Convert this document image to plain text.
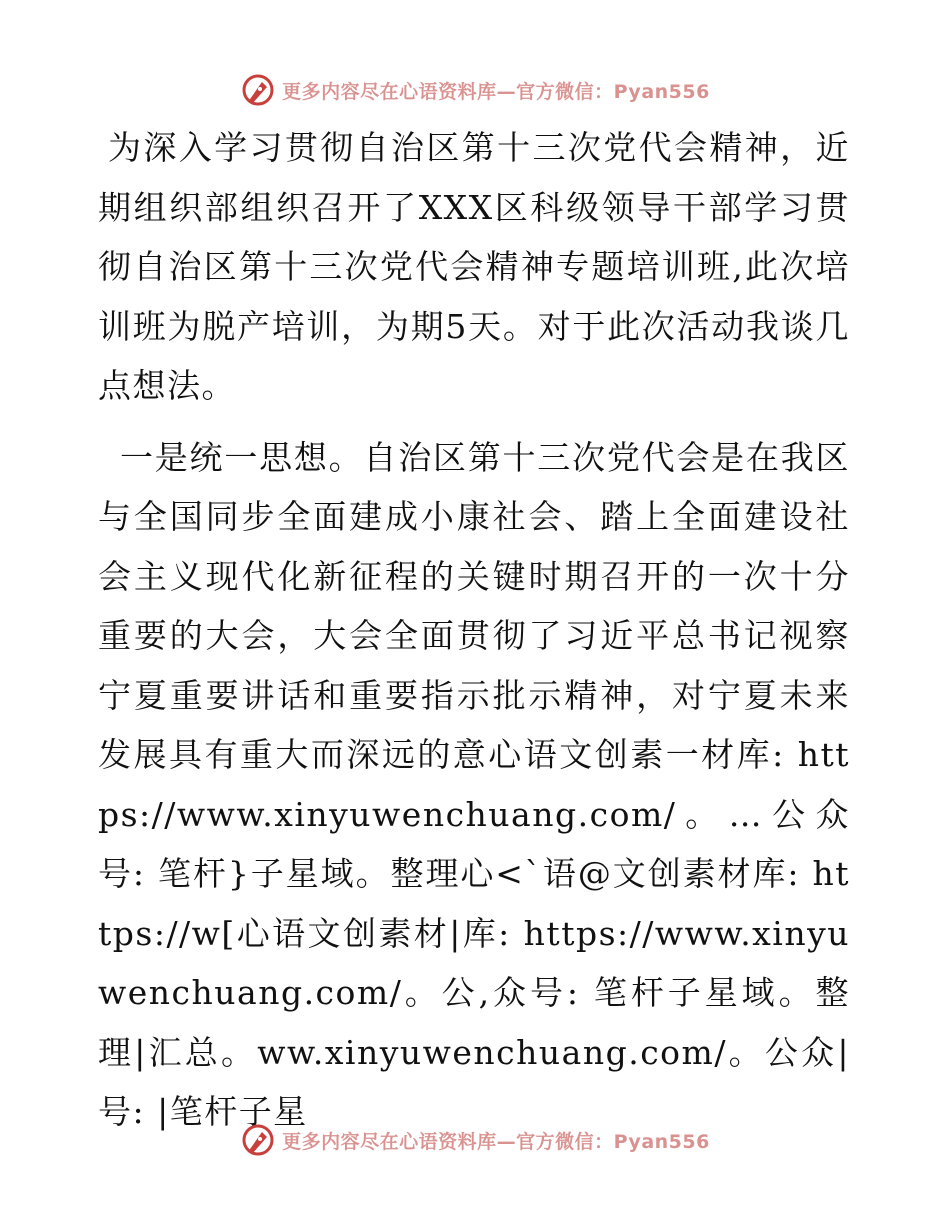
更多内容尽在心语资料库—官方微信：Pyan556

为深入学习贯彻自治区第十三次党代会精神，近期组织部组织召开了XXX区科级领导干部学习贯彻自治区第十三次党代会精神专题培训班,此次培训班为脱产培训，为期5天。对于此次活动我谈几点想法。

一是统一思想。自治区第十三次党代会是在我区与全国同步全面建成小康社会、踏上全面建设社会主义现代化新征程的关键时期召开的一次十分重要的大会，大会全面贯彻了习近平总书记视察宁夏重要讲话和重要指示批示精神，对宁夏未来发展具有重大而深远的意心语文创素一材库: https://www.xinyuwenchuang.com/。…公众号: 笔杆}子星域。整理心<`语@文创素材库: https://w[心语文创素材|库: https://www.xinyuwenchuang.com/。公,众号: 笔杆子星域。整理|汇总。ww.xinyuwenchuang.com/。公众|号: |笔杆子星

更多内容尽在心语资料库—官方微信：Pyan556
